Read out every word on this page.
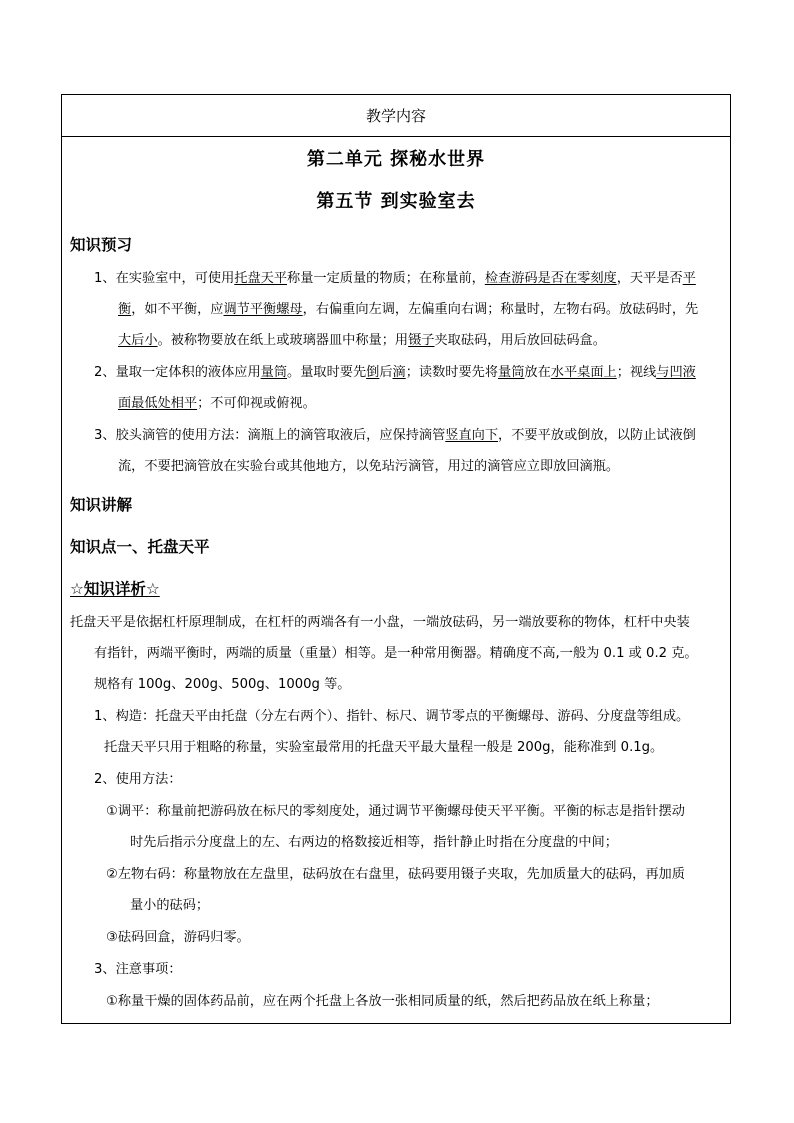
教学内容
第二单元 探秘水世界
第五节 到实验室去
知识预习
1、在实验室中，可使用托盘天平称量一定质量的物质；在称量前，检查游码是否在零刻度，天平是否平
衡，如不平衡，应调节平衡螺母，右偏重向左调，左偏重向右调；称量时，左物右码。放砝码时，先
大后小。被称物要放在纸上或玻璃器皿中称量；用镊子夹取砝码，用后放回砝码盒。
2、量取一定体积的液体应用量筒。量取时要先倒后滴；读数时要先将量筒放在水平桌面上；视线与凹液
面最低处相平；不可仰视或俯视。
3、胶头滴管的使用方法：滴瓶上的滴管取液后，应保持滴管竖直向下，不要平放或倒放，以防止试液倒
流，不要把滴管放在实验台或其他地方，以免玷污滴管，用过的滴管应立即放回滴瓶。
知识讲解
知识点一、托盘天平
☆知识详析☆
托盘天平是依据杠杆原理制成，在杠杆的两端各有一小盘，一端放砝码，另一端放要称的物体，杠杆中央装
有指针，两端平衡时，两端的质量（重量）相等。是一种常用衡器。精确度不高,一般为 0.1 或 0.2 克。
规格有 100g、200g、500g、1000g 等。
1、构造：托盘天平由托盘（分左右两个）、指针、标尺、调节零点的平衡螺母、游码、分度盘等组成。
托盘天平只用于粗略的称量，实验室最常用的托盘天平最大量程一般是 200g，能称准到 0.1g。
2、使用方法：
①调平：称量前把游码放在标尺的零刻度处，通过调节平衡螺母使天平平衡。平衡的标志是指针摆动
时先后指示分度盘上的左、右两边的格数接近相等，指针静止时指在分度盘的中间；
②左物右码：称量物放在左盘里，砝码放在右盘里，砝码要用镊子夹取，先加质量大的砝码，再加质
量小的砝码；
③砝码回盒，游码归零。
3、注意事项：
①称量干燥的固体药品前，应在两个托盘上各放一张相同质量的纸，然后把药品放在纸上称量；
